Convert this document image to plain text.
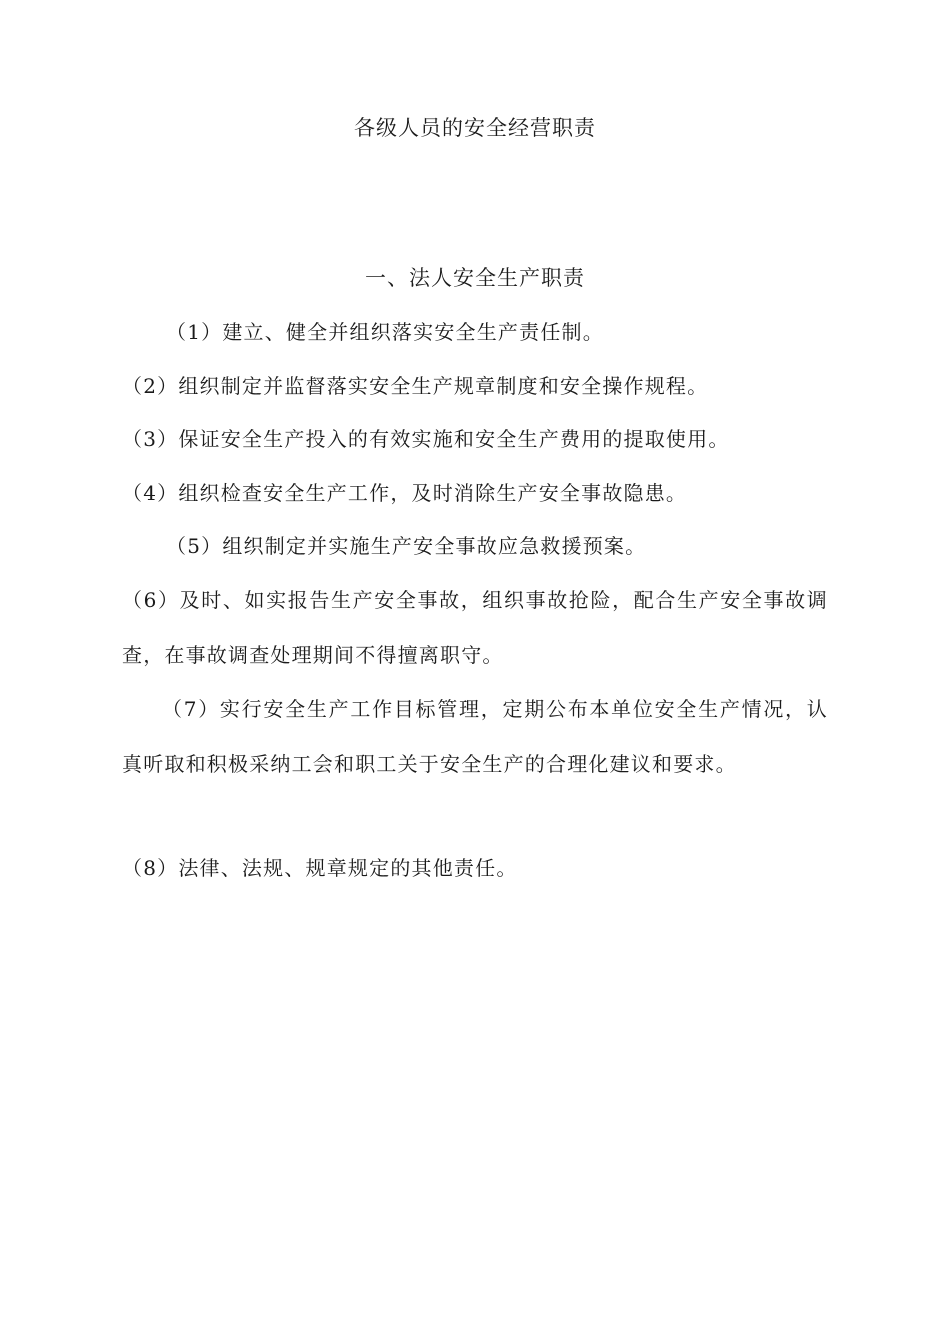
各级人员的安全经营职责
一、法人安全生产职责

（1）建立、健全并组织落实安全生产责任制。

（2）组织制定并监督落实安全生产规章制度和安全操作规程。

（3）保证安全生产投入的有效实施和安全生产费用的提取使用。

（4）组织检查安全生产工作，及时消除生产安全事故隐患。

（5）组织制定并实施生产安全事故应急救援预案。

（6）及时、如实报告生产安全事故，组织事故抢险，配合生产安全事故调查，在事故调查处理期间不得擅离职守。

（7）实行安全生产工作目标管理，定期公布本单位安全生产情况，认真听取和积极采纳工会和职工关于安全生产的合理化建议和要求。

（8）法律、法规、规章规定的其他责任。
